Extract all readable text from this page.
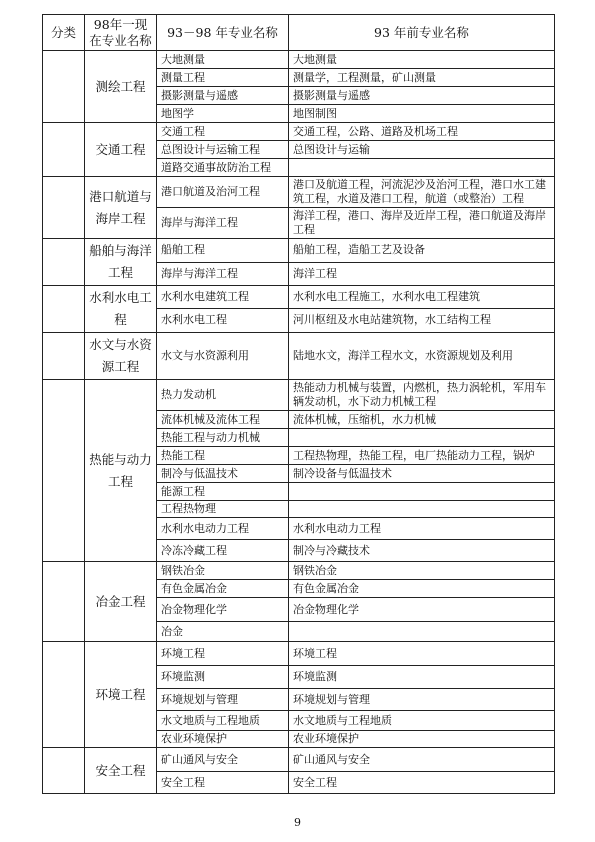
分类	98年一现在专业名称	93－98 年专业名称	93 年前专业名称
	测绘工程	大地测量	大地测量
		测量工程	测量学，工程测量，矿山测量
		摄影测量与遥感	摄影测量与遥感
		地图学	地图制图
	交通工程	交通工程	交通工程，公路、道路及机场工程
		总图设计与运输工程	总图设计与运输
		道路交通事故防治工程	
	港口航道与海岸工程	港口航道及治河工程	港口及航道工程，河流泥沙及治河工程，港口水工建筑工程，水道及港口工程，航道（或整治）工程
		海岸与海洋工程	海洋工程，港口、海岸及近岸工程，港口航道及海岸工程
	船舶与海洋工程	船舶工程	船舶工程，造船工艺及设备
		海岸与海洋工程	海洋工程
	水利水电工程	水利水电建筑工程	水利水电工程施工，水利水电工程建筑
		水利水电工程	河川枢纽及水电站建筑物，水工结构工程
	水文与水资源工程	水文与水资源利用	陆地水文，海洋工程水文，水资源规划及利用
	热能与动力工程	热力发动机	热能动力机械与装置，内燃机，热力涡轮机，军用车辆发动机，水下动力机械工程
		流体机械及流体工程	流体机械，压缩机，水力机械
		热能工程与动力机械	
		热能工程	工程热物理，热能工程，电厂热能动力工程，锅炉
		制冷与低温技术	制冷设备与低温技术
		能源工程	
		工程热物理	
		水利水电动力工程	水利水电动力工程
		冷冻冷藏工程	制冷与冷藏技术
	冶金工程	钢铁冶金	钢铁冶金
		有色金属冶金	有色金属冶金
		冶金物理化学	冶金物理化学
		冶金	
	环境工程	环境工程	环境工程
		环境监测	环境监测
		环境规划与管理	环境规划与管理
		水文地质与工程地质	水文地质与工程地质
		农业环境保护	农业环境保护
	安全工程	矿山通风与安全	矿山通风与安全
		安全工程	安全工程
9
